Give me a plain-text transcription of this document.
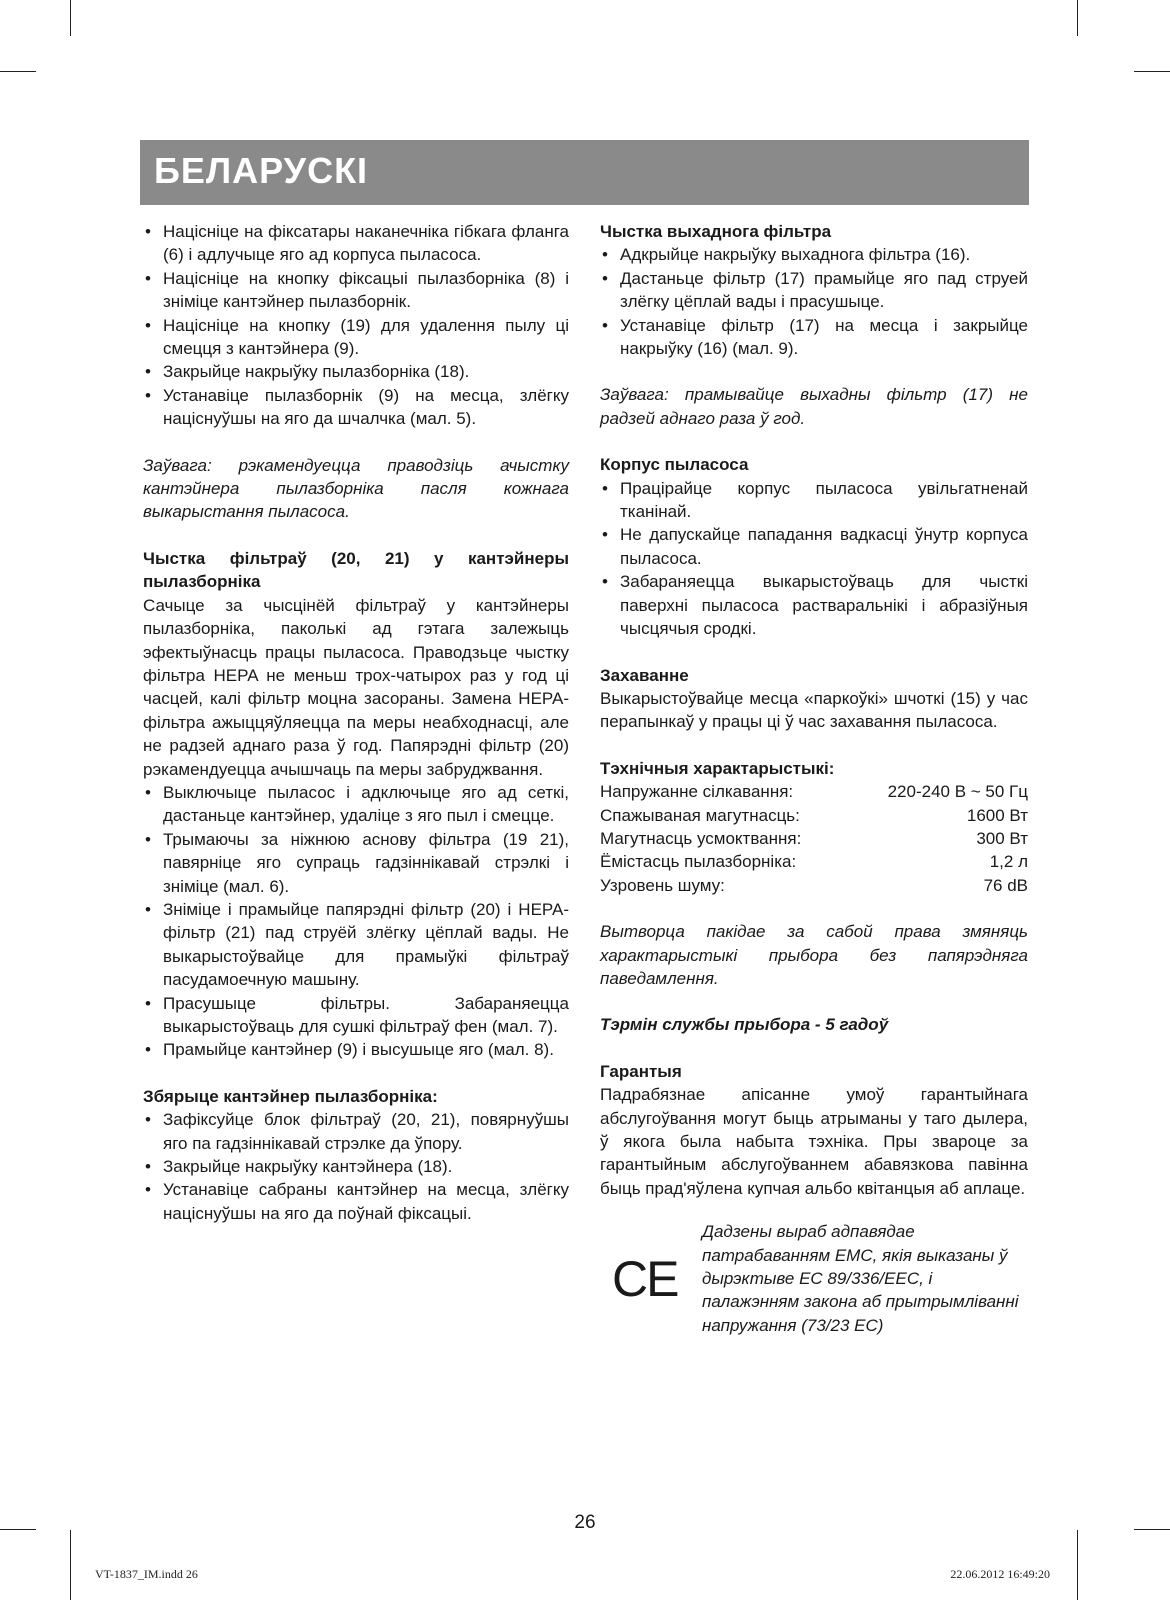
БЕЛАРУСКІ
• Націсніце на фіксатары наканечніка гібкага фланга (6) і адлучыце яго ад корпуса пыласоса.
• Націсніце на кнопку фіксацыі пылазборніка (8) і зніміце кантэйнер пылазборнік.
• Націсніце на кнопку (19) для удалення пылу ці смецця з кантэйнера (9).
• Закрыйце накрыўку пылазборніка (18).
• Устанавіце пылазборнік (9) на месца, злёгку націснуўшы на яго да шчалчка (мал. 5).

Заўвага: рэкамендуецца праводзіць ачыстку кантэйнера пылазборніка пасля кожнага выкарыстання пыласоса.

Чыстка фільтраў (20, 21) у кантэйнеры пылазборніка

Сачыце за чысцінёй фільтраў у кантэйнеры пылазборніка, паколькі ад гэтага залежыць эфектыўнасць працы пыласоса. Праводзьце чыстку фільтра HEPA не меньш трох-чатырох раз у год ці часцей, калі фільтр моцна засораны. Замена HEPA-фільтра ажыццяўляецца па меры неабходнасці, але не радзей аднаго раза ў год. Папярэдні фільтр (20) рэкамендуецца ачышчаць па меры забруджвання.

• Выключыце пыласос і адключыце яго ад сеткі, дастаньце кантэйнер, удаліце з яго пыл і смецце.
• Трымаючы за ніжнюю аснову фільтра (19 21), павярніце яго супраць гадзіннікавай стрэлкі і зніміце (мал. 6).
• Зніміце і прамыйце папярэдні фільтр (20) і HEPA-фільтр (21) пад струёй злёгку цёплай вады. Не выкарыстоўвайце для прамыўкі фільтраў пасудамоечную машыну.
• Прасушыце фільтры. Забараняецца выкарыстоўваць для сушкі фільтраў фен (мал. 7).
• Прамыйце кантэйнер (9) і высушыце яго (мал. 8).

Збярыце кантэйнер пылазборніка:

• Зафіксуйце блок фільтраў (20, 21), повярнуўшы яго па гадзіннікавай стрэлке да ўпору.
• Закрыйце накрыўку кантэйнера (18).
• Устанавіце сабраны кантэйнер на месца, злёгку націснуўшы на яго да поўнай фіксацыі.

Чыстка выхаднога фільтра

• Адкрыйце накрыўку выхаднога фільтра (16).
• Дастаньце фільтр (17) прамыйце яго пад струей злёгку цёплай вады і прасушыце.
• Устанавіце фільтр (17) на месца і закрыйце накрыўку (16) (мал. 9).

Заўвага: прамывайце выхадны фільтр (17) не радзей аднаго раза ў год.

Корпус пыласоса

• Працірайце корпус пыласоса увільгатненай тканінай.
• Не дапускайце пападання вадкасці ўнутр корпуса пыласоса.
• Забараняецца выкарыстоўваць для чысткі паверхні пыласоса растваральнікі і абразіўныя чысцячыя сродкі.

Захаванне

Выкарыстоўвайце месца «паркоўкі» шчоткі (15) у час перапынкаў у працы ці ў час захавання пыласоса.

Тэхнічныя характарыстыкі:

Напружанне сілкавання:	220-240 В ~ 50 Гц
Спажываная магутнасць:	1600 Вт
Магутнасць усмоктвання:	300 Вт
Ёмістасць пылазборніка:	1,2 л
Узровень шуму:	76 dB

Вытворца пакідае за сабой права змяняць характарыстыкі прыбора без папярэдняга паведамлення.

Тэрмін службы прыбора - 5 гадоў

Гарантыя

Падрабязнае апісанне умоў гарантыйнага абслугоўвання могут быць атрыманы у таго дылера, ў якога была набыта тэхніка. Пры звароце за гарантыйным абслугоўваннем абавязкова павінна быць прад'яўлена купчая альбо квітанцыя аб аплаце.

CE

Дадзены выраб адпавядае патрабаванням ЕМС, якія выказаны ў дырэктыве ЕС 89/336/ЕЕС, і палажэнням закона аб прытрымліванні напружання (73/23 ЕС)

26
VT-1837_IM.indd 26	22.06.2012 16:49:20
